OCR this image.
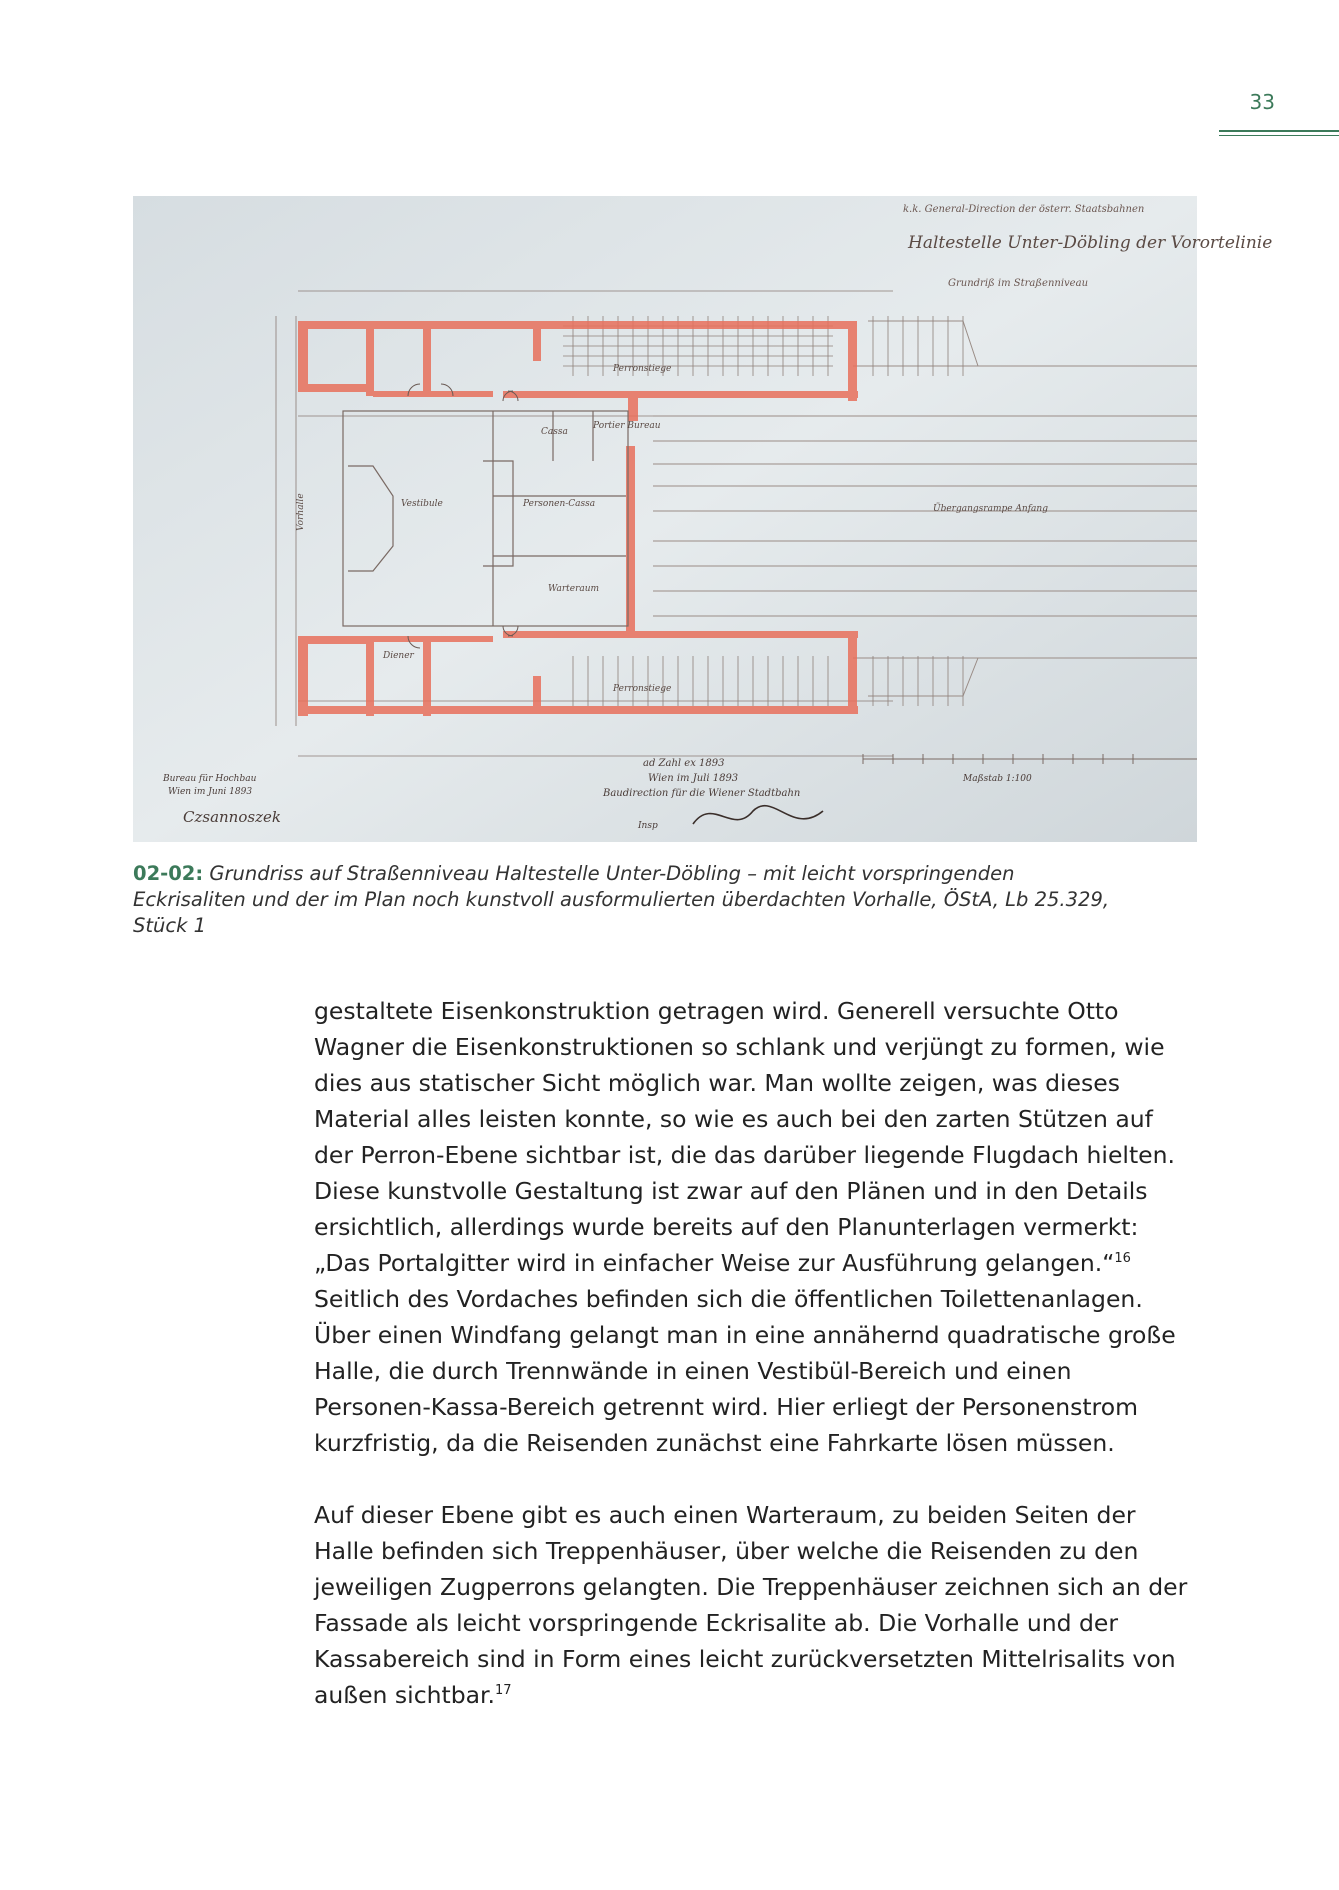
33
k.k. General-Direction der österr. Staatsbahnen
Haltestelle Unter-Döbling der Vorortelinie
Grundriß im Straßenniveau
Perronstiege
Perronstiege
Cassa
Portier Bureau
Vestibule	Personen-Cassa
Warteraum
Vorhalle	Übergangsrampe Anfang
Diener
Bureau für Hochbau
Wien im Juni 1893
Czsannoszek
ad Zahl ex 1893
Wien im Juli 1893
Baudirection für die Wiener Stadtbahn
Insp
Maßstab 1:100
02-02: Grundriss auf Straßenniveau Haltestelle Unter-Döbling – mit leicht vorspringenden Eckrisaliten und der im Plan noch kunstvoll ausformulierten überdachten Vorhalle, ÖStA, Lb 25.329, Stück 1

gestaltete Eisenkonstruktion getragen wird. Generell versuchte Otto Wagner die Eisenkonstruktionen so schlank und verjüngt zu formen, wie dies aus statischer Sicht möglich war. Man wollte zeigen, was dieses Material alles leisten konnte, so wie es auch bei den zarten Stützen auf der Perron-Ebene sichtbar ist, die das darüber liegende Flugdach hielten. Diese kunstvolle Gestaltung ist zwar auf den Plänen und in den Details ersichtlich, allerdings wurde bereits auf den Planunterlagen vermerkt: „Das Portalgitter wird in einfacher Weise zur Ausführung gelangen.“$^{16}$ Seitlich des Vordaches befinden sich die öffentlichen Toilettenanlagen. Über einen Windfang gelangt man in eine annähernd quadratische große Halle, die durch Trennwände in einen Vestibül-Bereich und einen Personen-Kassa-Bereich getrennt wird. Hier erliegt der Personenstrom kurzfristig, da die Reisenden zunächst eine Fahrkarte lösen müssen.

Auf dieser Ebene gibt es auch einen Warteraum, zu beiden Seiten der Halle befinden sich Treppenhäuser, über welche die Reisenden zu den jeweiligen Zugperrons gelangten. Die Treppenhäuser zeichnen sich an der Fassade als leicht vorspringende Eckrisalite ab. Die Vorhalle und der Kassabereich sind in Form eines leicht zurückversetzten Mittelrisalits von außen sichtbar.$^{17}$
